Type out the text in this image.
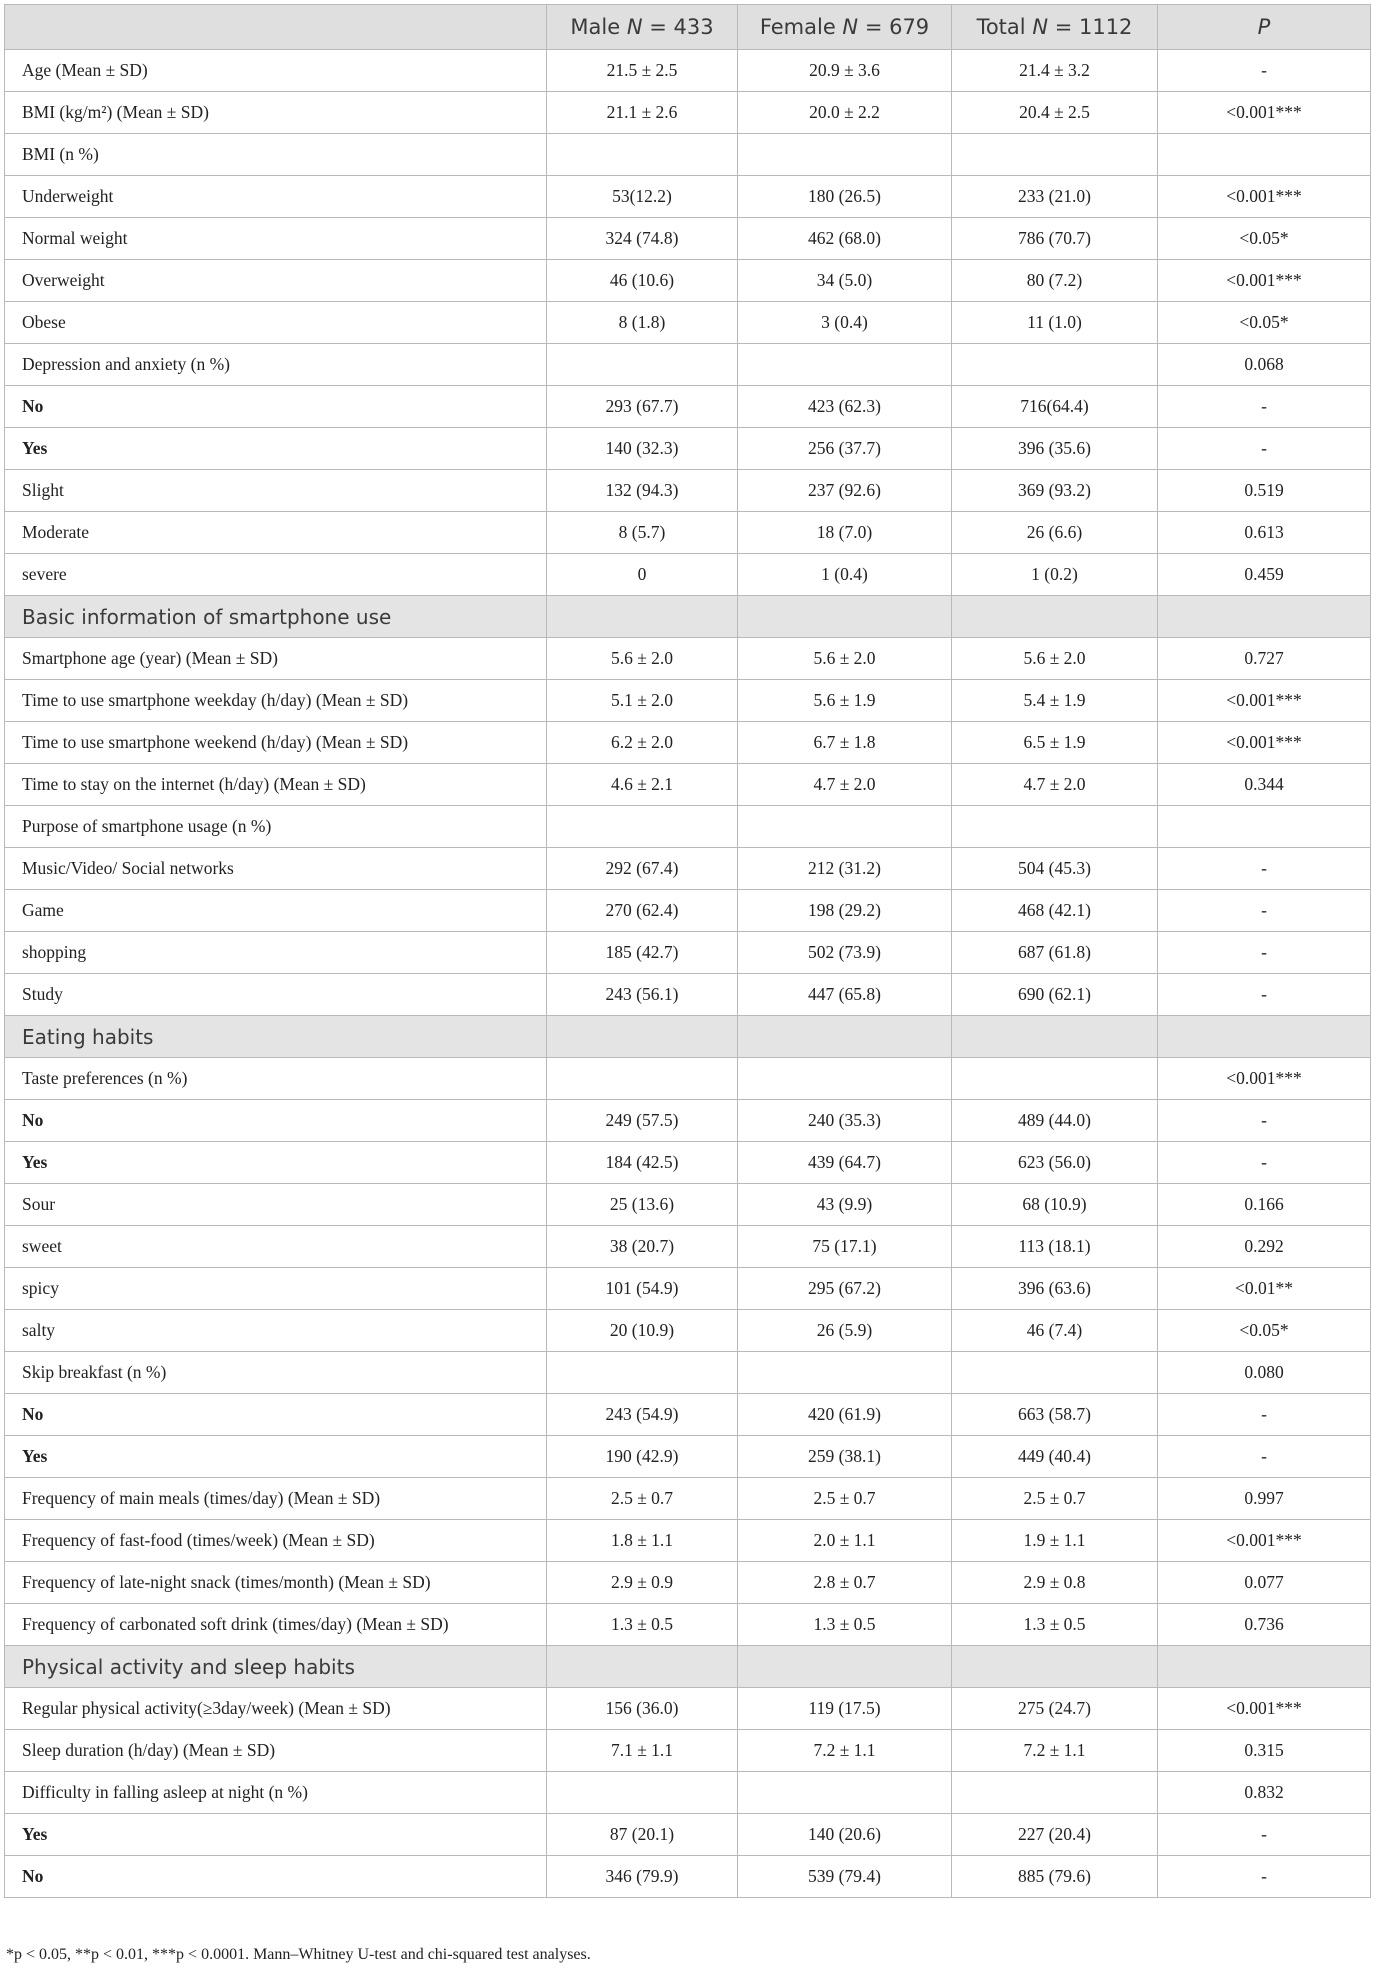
	Male N = 433	Female N = 679	Total N = 1112	P
Age (Mean ± SD)	21.5 ± 2.5	20.9 ± 3.6	21.4 ± 3.2	-
BMI (kg/m²) (Mean ± SD)	21.1 ± 2.6	20.0 ± 2.2	20.4 ± 2.5	<0.001***
BMI (n %)				
Underweight	53(12.2)	180 (26.5)	233 (21.0)	<0.001***
Normal weight	324 (74.8)	462 (68.0)	786 (70.7)	<0.05*
Overweight	46 (10.6)	34 (5.0)	80 (7.2)	<0.001***
Obese	8 (1.8)	3 (0.4)	11 (1.0)	<0.05*
Depression and anxiety (n %)				0.068
No	293 (67.7)	423 (62.3)	716(64.4)	-
Yes	140 (32.3)	256 (37.7)	396 (35.6)	-
Slight	132 (94.3)	237 (92.6)	369 (93.2)	0.519
Moderate	8 (5.7)	18 (7.0)	26 (6.6)	0.613
severe	0	1 (0.4)	1 (0.2)	0.459
Basic information of smartphone use				
Smartphone age (year) (Mean ± SD)	5.6 ± 2.0	5.6 ± 2.0	5.6 ± 2.0	0.727
Time to use smartphone weekday (h/day) (Mean ± SD)	5.1 ± 2.0	5.6 ± 1.9	5.4 ± 1.9	<0.001***
Time to use smartphone weekend (h/day) (Mean ± SD)	6.2 ± 2.0	6.7 ± 1.8	6.5 ± 1.9	<0.001***
Time to stay on the internet (h/day) (Mean ± SD)	4.6 ± 2.1	4.7 ± 2.0	4.7 ± 2.0	0.344
Purpose of smartphone usage (n %)				
Music/Video/ Social networks	292 (67.4)	212 (31.2)	504 (45.3)	-
Game	270 (62.4)	198 (29.2)	468 (42.1)	-
shopping	185 (42.7)	502 (73.9)	687 (61.8)	-
Study	243 (56.1)	447 (65.8)	690 (62.1)	-
Eating habits				
Taste preferences (n %)				<0.001***
No	249 (57.5)	240 (35.3)	489 (44.0)	-
Yes	184 (42.5)	439 (64.7)	623 (56.0)	-
Sour	25 (13.6)	43 (9.9)	68 (10.9)	0.166
sweet	38 (20.7)	75 (17.1)	113 (18.1)	0.292
spicy	101 (54.9)	295 (67.2)	396 (63.6)	<0.01**
salty	20 (10.9)	26 (5.9)	46 (7.4)	<0.05*
Skip breakfast (n %)				0.080
No	243 (54.9)	420 (61.9)	663 (58.7)	-
Yes	190 (42.9)	259 (38.1)	449 (40.4)	-
Frequency of main meals (times/day) (Mean ± SD)	2.5 ± 0.7	2.5 ± 0.7	2.5 ± 0.7	0.997
Frequency of fast-food (times/week) (Mean ± SD)	1.8 ± 1.1	2.0 ± 1.1	1.9 ± 1.1	<0.001***
Frequency of late-night snack (times/month) (Mean ± SD)	2.9 ± 0.9	2.8 ± 0.7	2.9 ± 0.8	0.077
Frequency of carbonated soft drink (times/day) (Mean ± SD)	1.3 ± 0.5	1.3 ± 0.5	1.3 ± 0.5	0.736
Physical activity and sleep habits				
Regular physical activity(≥3day/week) (Mean ± SD)	156 (36.0)	119 (17.5)	275 (24.7)	<0.001***
Sleep duration (h/day) (Mean ± SD)	7.1 ± 1.1	7.2 ± 1.1	7.2 ± 1.1	0.315
Difficulty in falling asleep at night (n %)				0.832
Yes	87 (20.1)	140 (20.6)	227 (20.4)	-
No	346 (79.9)	539 (79.4)	885 (79.6)	-
*p < 0.05, **p < 0.01, ***p < 0.0001. Mann–Whitney U-test and chi-squared test analyses.
